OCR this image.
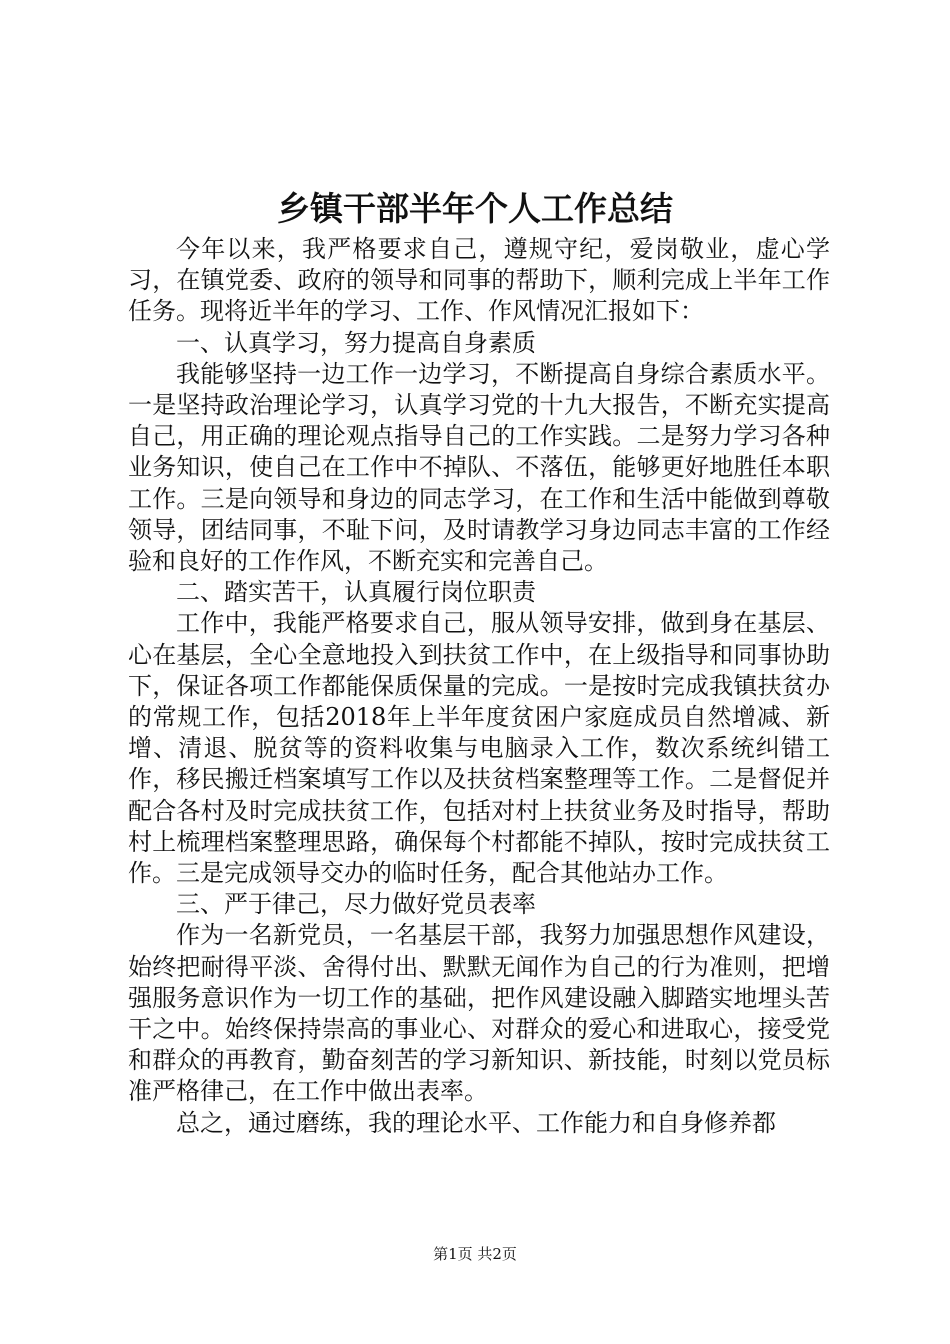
乡镇干部半年个人工作总结

今年以来，我严格要求自己，遵规守纪，爱岗敬业，虚心学习，在镇党委、政府的领导和同事的帮助下，顺利完成上半年工作任务。现将近半年的学习、工作、作风情况汇报如下：

一、认真学习，努力提高自身素质

我能够坚持一边工作一边学习，不断提高自身综合素质水平。一是坚持政治理论学习，认真学习党的十九大报告，不断充实提高自己，用正确的理论观点指导自己的工作实践。二是努力学习各种业务知识，使自己在工作中不掉队、不落伍，能够更好地胜任本职工作。三是向领导和身边的同志学习，在工作和生活中能做到尊敬领导，团结同事，不耻下问，及时请教学习身边同志丰富的工作经验和良好的工作作风，不断充实和完善自己。

二、踏实苦干，认真履行岗位职责

工作中，我能严格要求自己，服从领导安排，做到身在基层、心在基层，全心全意地投入到扶贫工作中，在上级指导和同事协助下，保证各项工作都能保质保量的完成。一是按时完成我镇扶贫办的常规工作，包括2018年上半年度贫困户家庭成员自然增减、新增、清退、脱贫等的资料收集与电脑录入工作，数次系统纠错工作，移民搬迁档案填写工作以及扶贫档案整理等工作。二是督促并配合各村及时完成扶贫工作，包括对村上扶贫业务及时指导，帮助村上梳理档案整理思路，确保每个村都能不掉队，按时完成扶贫工作。三是完成领导交办的临时任务，配合其他站办工作。

三、严于律己，尽力做好党员表率

作为一名新党员，一名基层干部，我努力加强思想作风建设，始终把耐得平淡、舍得付出、默默无闻作为自己的行为准则，把增强服务意识作为一切工作的基础，把作风建设融入脚踏实地埋头苦干之中。始终保持崇高的事业心、对群众的爱心和进取心，接受党和群众的再教育，勤奋刻苦的学习新知识、新技能，时刻以党员标准严格律己，在工作中做出表率。

总之，通过磨练，我的理论水平、工作能力和自身修养都

第1页 共2页
